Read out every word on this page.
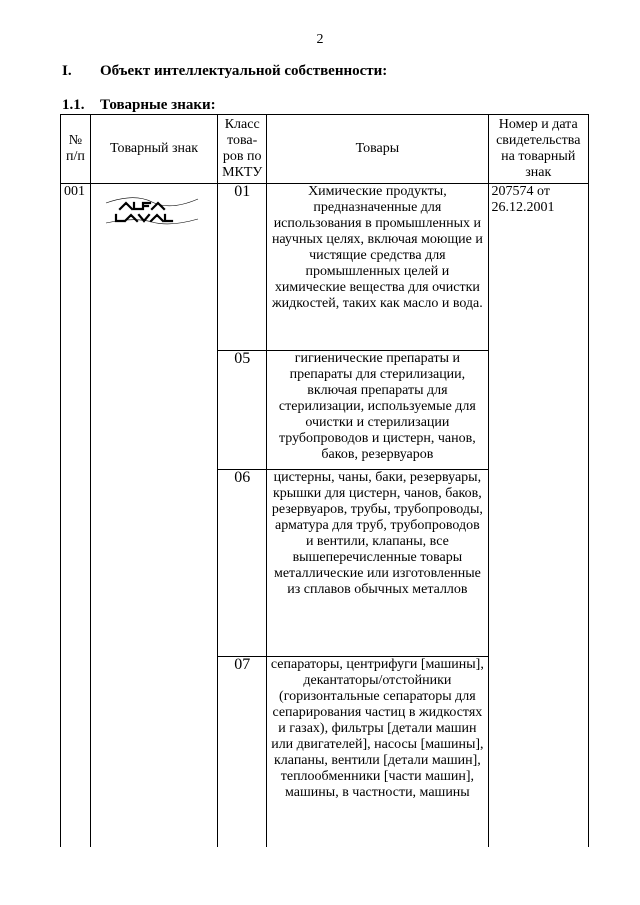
2
I. Объект интеллектуальной собственности:
1.1. Товарные знаки:
№ п/п	Товарный знак	Класс това-ров по МКТУ	Товары	Номер и дата свидетельства на товарный знак
001		01	Химические продукты, предназначенные для использования в промышленных и научных целях, включая моющие и чистящие средства для промышленных целей и химические вещества для очистки жидкостей, таких как масло и вода.	207574 от 26.12.2001
		05	гигиенические препараты и препараты для стерилизации, включая препараты для стерилизации, используемые для очистки и стерилизации трубопроводов и цистерн, чанов, баков, резервуаров	
		06	цистерны, чаны, баки, резервуары, крышки для цистерн, чанов, баков, резервуаров, трубы, трубопроводы, арматура для труб, трубопроводов и вентили, клапаны, все вышеперечисленные товары металлические или изготовленные из сплавов обычных металлов	
		07	сепараторы, центрифуги [машины], декантаторы/отстойники (горизонтальные сепараторы для сепарирования частиц в жидкостях и газах), фильтры [детали машин или двигателей], насосы [машины], клапаны, вентили [детали машин], теплообменники [части машин], машины, в частности, машины	
